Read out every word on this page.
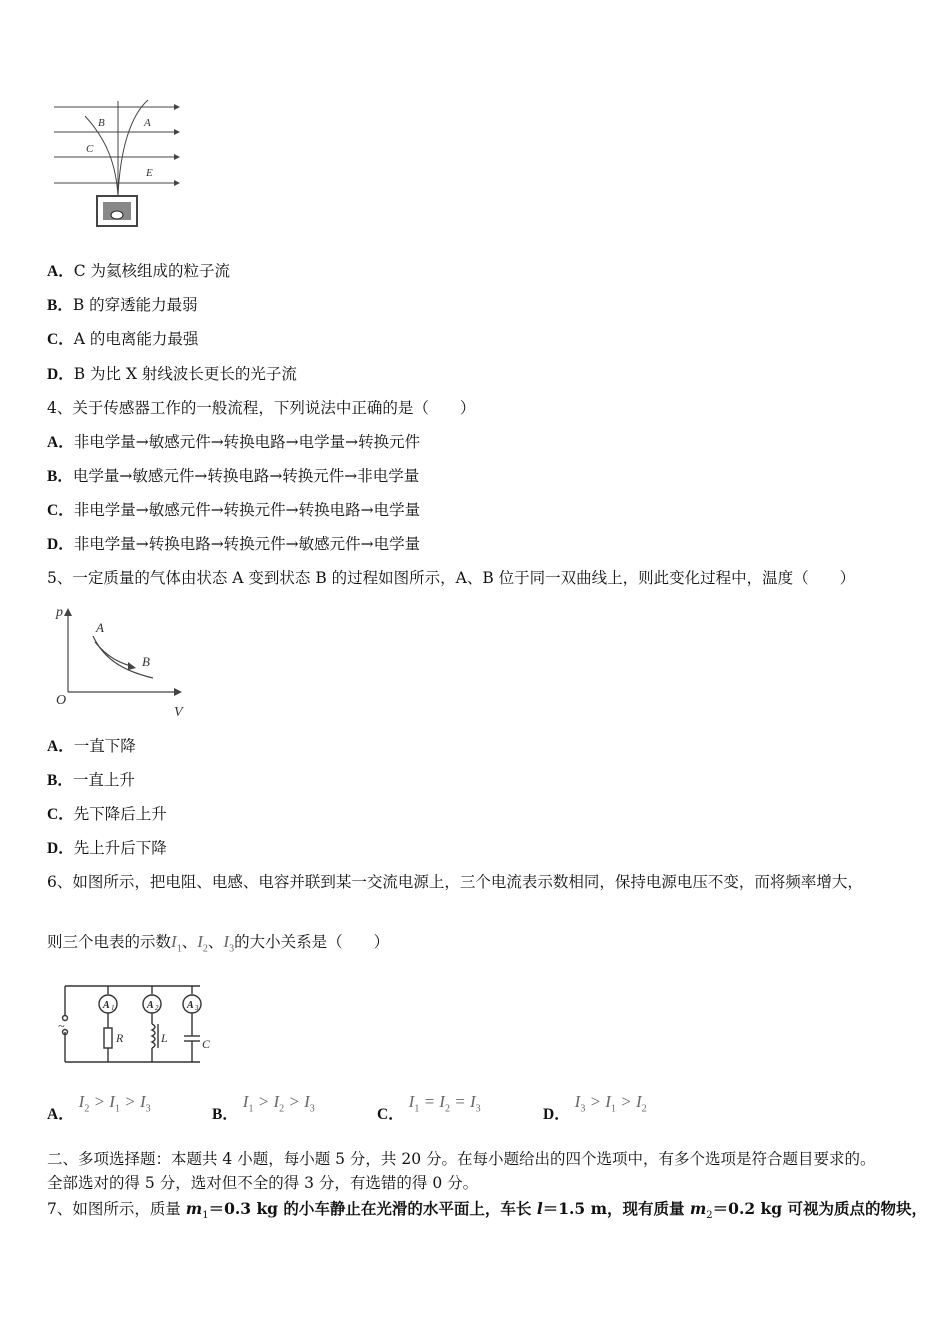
B	A
C
E
A．C 为氦核组成的粒子流
B．B 的穿透能力最弱
C．A 的电离能力最强
D．B 为比 X 射线波长更长的光子流
4、关于传感器工作的一般流程，下列说法中正确的是（　　）
A．非电学量→敏感元件→转换电路→电学量→转换元件
B．电学量→敏感元件→转换电路→转换元件→非电学量
C．非电学量→敏感元件→转换元件→转换电路→电学量
D．非电学量→转换电路→转换元件→敏感元件→电学量
5、一定质量的气体由状态 A 变到状态 B 的过程如图所示，A、B 位于同一双曲线上，则此变化过程中，温度（　　）
p
V
O
A
B
A．一直下降
B．一直上升
C．先下降后上升
D．先上升后下降
6、如图所示，把电阻、电感、电容并联到某一交流电源上，三个电流表示数相同，保持电源电压不变，而将频率增大，
则三个电表的示数$I_1$、$I_2$、$I_3$的大小关系是（　　）
~
A 1	A 2	A 3
R	L	C
A． $I_2 > I_1 > I_3$	B． $I_1 > I_2 > I_3$	C． $I_1 = I_2 = I_3$	D． $I_3 > I_1 > I_2$
二、多项选择题：本题共 4 小题，每小题 5 分，共 20 分。在每小题给出的四个选项中，有多个选项是符合题目要求的。
全部选对的得 5 分，选对但不全的得 3 分，有选错的得 0 分。
7、如图所示，质量 $m_1=0.3$ kg 的小车静止在光滑的水平面上，车长 l＝1.5 m，现有质量 $m_2=0.2$ kg 可视为质点的物块，
